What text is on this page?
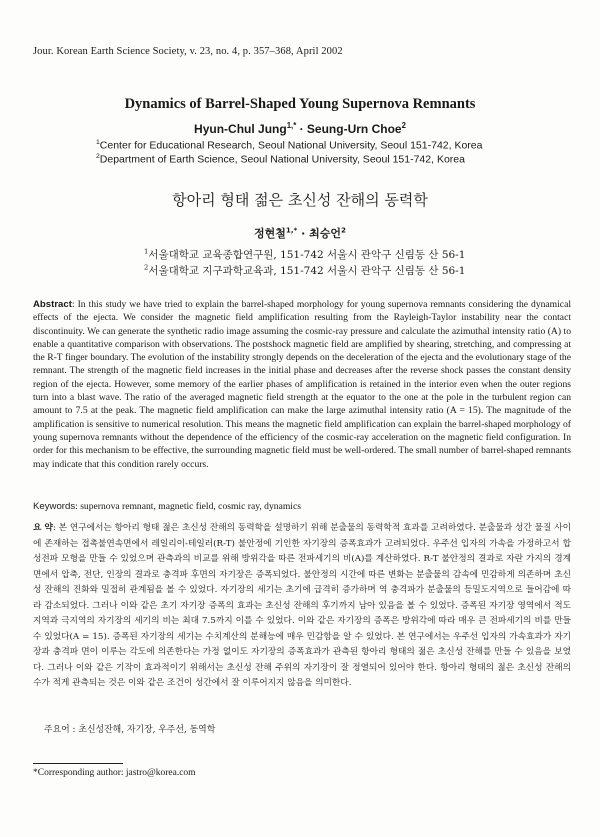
Jour. Korean Earth Science Society, v. 23, no. 4, p. 357–368, April 2002
Dynamics of Barrel-Shaped Young Supernova Remnants
Hyun-Chul Jung$^{1,*}$ · Seung-Urn Choe$^2$
$^1$Center for Educational Research, Seoul National University, Seoul 151-742, Korea
$^2$Department of Earth Science, Seoul National University, Seoul 151-742, Korea
항아리 형태 젊은 초신성 잔해의 동력학
정현철$^{1,*}$ · 최승언$^2$
$^1$서울대학교 교육종합연구원, 151-742 서울시 관악구 신림동 산 56-1
$^2$서울대학교 지구과학교육과, 151-742 서울시 관악구 신림동 산 56-1
Abstract: In this study we have tried to explain the barrel-shaped morphology for young supernova remnants considering the dynamical effects of the ejecta. We consider the magnetic field amplification resulting from the Rayleigh-Taylor instability near the contact discontinuity. We can generate the synthetic radio image assuming the cosmic-ray pressure and calculate the azimuthal intensity ratio (A) to enable a quantitative comparison with observations. The postshock magnetic field are amplified by shearing, stretching, and compressing at the R-T finger boundary. The evolution of the instability strongly depends on the deceleration of the ejecta and the evolutionary stage of the remnant. The strength of the magnetic field increases in the initial phase and decreases after the reverse shock passes the constant density region of the ejecta. However, some memory of the earlier phases of amplification is retained in the interior even when the outer regions turn into a blast wave. The ratio of the averaged magnetic field strength at the equator to the one at the pole in the turbulent region can amount to 7.5 at the peak. The magnetic field amplification can make the large azimuthal intensity ratio (A = 15). The magnitude of the amplification is sensitive to numerical resolution. This means the magnetic field amplification can explain the barrel-shaped morphology of young supernova remnants without the dependence of the efficiency of the cosmic-ray acceleration on the magnetic field configuration. In order for this mechanism to be effective, the surrounding magnetic field must be well-ordered. The small number of barrel-shaped remnants may indicate that this condition rarely occurs.
Keywords: supernova remnant, magnetic field, cosmic ray, dynamics
요 약: 본 연구에서는 항아리 형태 젊은 초신성 잔해의 동력학을 설명하기 위해 분출물의 동력학적 효과를 고려하였다. 분출물과 성간 물질 사이에 존재하는 접촉불연속면에서 레일리이-테일러(R-T) 불안정에 기인한 자기장의 증폭효과가 고려되었다. 우주선 입자의 가속을 가정하고서 합성전파 모형을 만들 수 있었으며 관측과의 비교를 위해 방위각을 따른 전파세기의 비(A)를 계산하였다. R-T 불안정의 결과로 자란 가지의 경계면에서 압축, 전단, 인장의 결과로 충격파 후면의 자기장은 증폭되었다. 불안정의 시간에 따른 변화는 분출물의 감속에 민감하게 의존하며 초신성 잔해의 진화와 밀접히 관계됨을 볼 수 있었다. 자기장의 세기는 초기에 급격히 증가하며 역 충격파가 분출물의 등밀도지역으로 들어감에 따라 감소되었다. 그러나 이와 같은 초기 자기장 증폭의 효과는 초신성 잔해의 후기까지 남아 있음을 볼 수 있었다. 증폭된 자기장 영역에서 적도지역과 극지역의 자기장의 세기의 비는 최대 7.5까지 이를 수 있었다. 이와 같은 자기장의 증폭은 방위각에 따라 매우 큰 전파세기의 비를 만들 수 있었다(A = 15). 증폭된 자기장의 세기는 수치계산의 분해능에 매우 민감함을 알 수 있었다. 본 연구에서는 우주선 입자의 가속효과가 자기장과 충격파 면이 이루는 각도에 의존한다는 가정 없이도 자기장의 증폭효과가 관측된 항아리 형태의 젊은 초신성 잔해를 만들 수 있음을 보였다. 그러나 이와 같은 기작이 효과적이기 위해서는 초신성 잔해 주위의 자기장이 잘 정열되어 있어야 한다. 항아리 형태의 젊은 초신성 잔해의 수가 적게 관측되는 것은 이와 같은 조건이 성간에서 잘 이루어지지 않음을 의미한다.
주요어 : 초신성잔해, 자기장, 우주선, 동역학
*Corresponding author: jastro@korea.com
